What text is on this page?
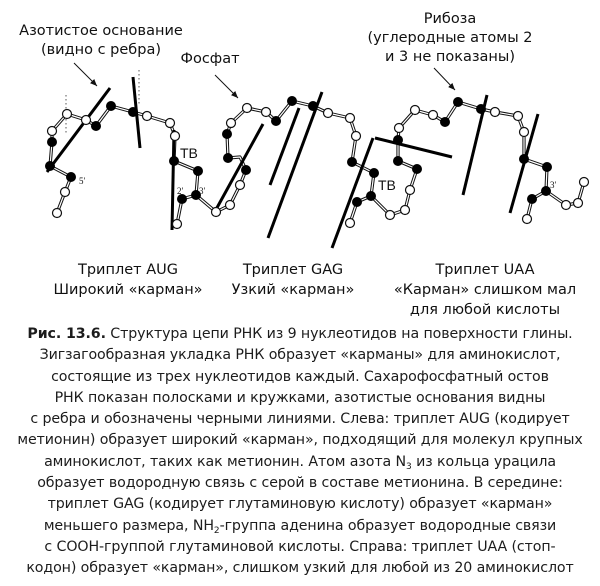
Азотистое основание
(видно с ребра)
Фосфат
Рибоза
(углеродные атомы 2
и 3 не показаны)
5′
2′ 3′
3′
ТВ
ТВ
Триплет AUG
Широкий «карман»
Триплет GAG
Узкий «карман»
Триплет UAA
«Карман» слишком мал
для любой кислоты
Рис. 13.6. Структура цепи РНК из 9 нуклеотидов на поверхности глины.
Зигзагообразная укладка РНК образует «карманы» для аминокислот,
состоящие из трех нуклеотидов каждый. Сахарофосфатный остов
РНК показан полосками и кружками, азотистые основания видны
с ребра и обозначены черными линиями. Слева: триплет AUG (кодирует
метионин) образует широкий «карман», подходящий для молекул крупных
аминокислот, таких как метионин. Атом азота $N_3$ из кольца урацила
образует водородную связь с серой в составе метионина. В середине:
триплет GAG (кодирует глутаминовую кислоту) образует «карман»
меньшего размера, $NH_2$-группа аденина образует водородные связи
с COOH-группой глутаминовой кислоты. Справа: триплет UAA (стоп-
кодон) образует «карман», слишком узкий для любой из 20 аминокислот
